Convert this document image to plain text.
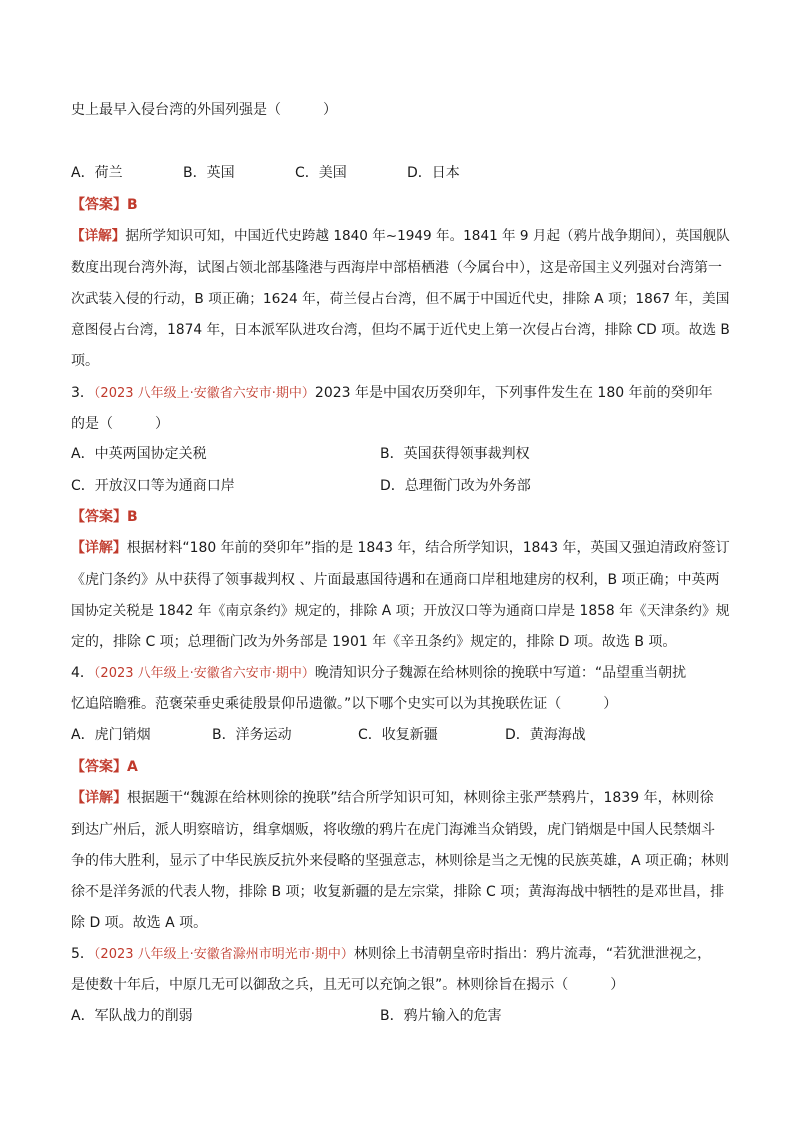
史上最早入侵台湾的外国列强是（　　　）
A．荷兰	B．英国	C．美国	D．日本
【答案】B
【详解】据所学知识可知，中国近代史跨越 1840 年~1949 年。1841 年 9 月起（鸦片战争期间），英国舰队
数度出现台湾外海，试图占领北部基隆港与西海岸中部梧栖港（今属台中），这是帝国主义列强对台湾第一
次武装入侵的行动，B 项正确；1624 年，荷兰侵占台湾，但不属于中国近代史，排除 A 项；1867 年，美国
意图侵占台湾，1874 年，日本派军队进攻台湾，但均不属于近代史上第一次侵占台湾，排除 CD 项。故选 B
项。
3．（2023 八年级上·安徽省六安市·期中）2023 年是中国农历癸卯年，下列事件发生在 180 年前的癸卯年
的是（　　　）
A．中英两国协定关税	B．英国获得领事裁判权
C．开放汉口等为通商口岸	D．总理衙门改为外务部
【答案】B
【详解】根据材料“180 年前的癸卯年”指的是 1843 年，结合所学知识，1843 年，英国又强迫清政府签订
《虎门条约》从中获得了领事裁判权 、片面最惠国待遇和在通商口岸租地建房的权利，B 项正确；中英两
国协定关税是 1842 年《南京条约》规定的，排除 A 项；开放汉口等为通商口岸是 1858 年《天津条约》规
定的，排除 C 项；总理衙门改为外务部是 1901 年《辛丑条约》规定的，排除 D 项。故选 B 项。
4．（2023 八年级上·安徽省六安市·期中）晚清知识分子魏源在给林则徐的挽联中写道：“品望重当朝扰
忆追陪瞻雅。范褒荣垂史乘徒殷景仰吊遗徽。”以下哪个史实可以为其挽联佐证（　　　）
A．虎门销烟	B．洋务运动	C．收复新疆	D．黄海海战
【答案】A
【详解】根据题干“魏源在给林则徐的挽联”结合所学知识可知，林则徐主张严禁鸦片，1839 年，林则徐
到达广州后，派人明察暗访，缉拿烟贩，将收缴的鸦片在虎门海滩当众销毁，虎门销烟是中国人民禁烟斗
争的伟大胜利，显示了中华民族反抗外来侵略的坚强意志，林则徐是当之无愧的民族英雄，A 项正确；林则
徐不是洋务派的代表人物，排除 B 项；收复新疆的是左宗棠，排除 C 项；黄海海战中牺牲的是邓世昌，排
除 D 项。故选 A 项。
5．（2023 八年级上·安徽省滁州市明光市·期中）林则徐上书清朝皇帝时指出：鸦片流毒，“若犹泄泄视之，
是使数十年后，中原几无可以御敌之兵，且无可以充饷之银”。林则徐旨在揭示（　　　）
A．军队战力的削弱	B．鸦片输入的危害
